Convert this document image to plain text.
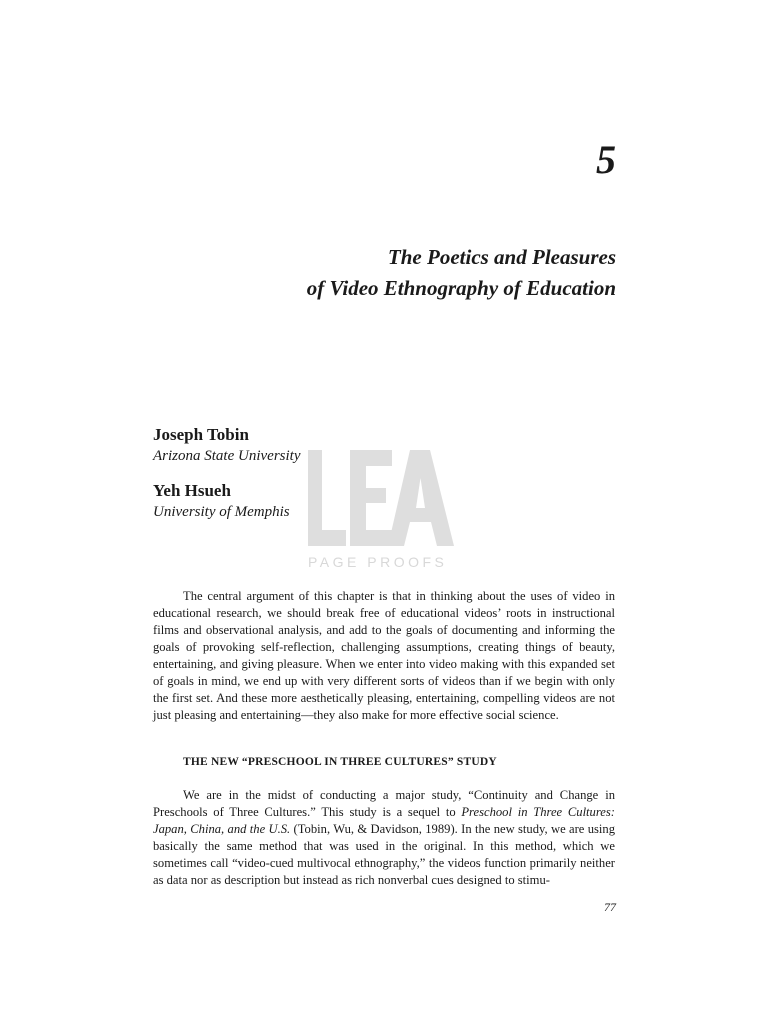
5
The Poetics and Pleasures
of Video Ethnography of Education
PAGE PROOFS
Joseph Tobin
Arizona State University
Yeh Hsueh
University of Memphis

The central argument of this chapter is that in thinking about the uses of video in educational research, we should break free of educational videos’ roots in instructional films and observational analysis, and add to the goals of documenting and informing the goals of provoking self-reflection, challenging assumptions, creating things of beauty, entertaining, and giving pleasure. When we enter into video making with this expanded set of goals in mind, we end up with very different sorts of videos than if we begin with only the first set. And these more aesthetically pleasing, entertaining, compelling videos are not just pleasing and entertaining—they also make for more effective social science.

THE NEW “PRESCHOOL IN THREE CULTURES” STUDY

We are in the midst of conducting a major study, “Continuity and Change in Preschools of Three Cultures.” This study is a sequel to Preschool in Three Cultures: Japan, China, and the U.S. (Tobin, Wu, & Davidson, 1989). In the new study, we are using basically the same method that was used in the original. In this method, which we sometimes call “video-cued multivocal ethnography,” the videos function primarily neither as data nor as description but instead as rich nonverbal cues designed to stimu-

77
